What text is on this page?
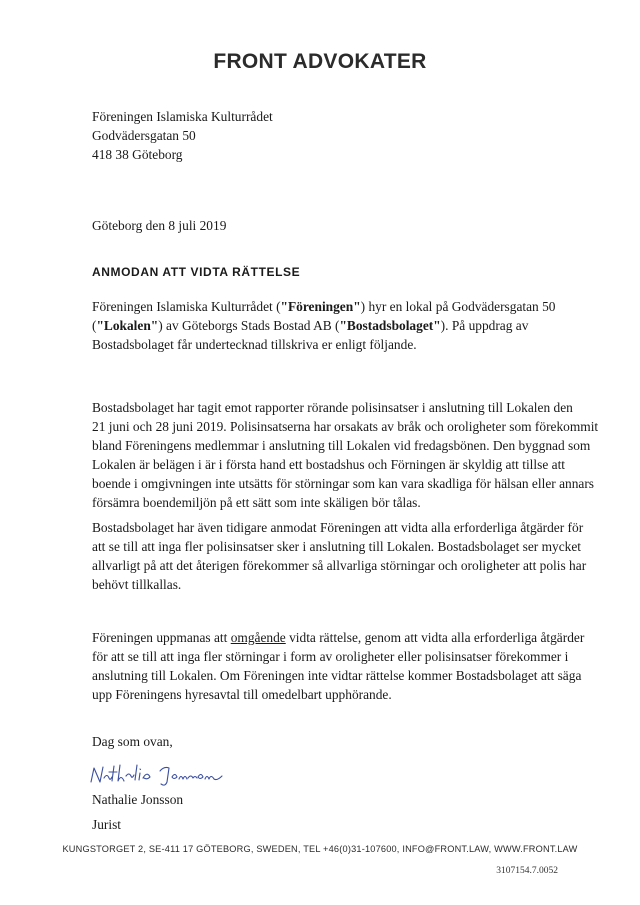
FRONT ADVOKATER
Föreningen Islamiska Kulturrådet
Godvädersgatan 50
418 38 Göteborg
Göteborg den 8 juli 2019
ANMODAN ATT VIDTA RÄTTELSE
Föreningen Islamiska Kulturrådet ("Föreningen") hyr en lokal på Godvädersgatan 50
("Lokalen") av Göteborgs Stads Bostad AB ("Bostadsbolaget"). På uppdrag av
Bostadsbolaget får undertecknad tillskriva er enligt följande.
Bostadsbolaget har tagit emot rapporter rörande polisinsatser i anslutning till Lokalen den
21 juni och 28 juni 2019. Polisinsatserna har orsakats av bråk och oroligheter som förekommit
bland Föreningens medlemmar i anslutning till Lokalen vid fredagsbönen. Den byggnad som
Lokalen är belägen i är i första hand ett bostadshus och Förningen är skyldig att tillse att
boende i omgivningen inte utsätts för störningar som kan vara skadliga för hälsan eller annars
försämra boendemiljön på ett sätt som inte skäligen bör tålas.
Bostadsbolaget har även tidigare anmodat Föreningen att vidta alla erforderliga åtgärder för
att se till att inga fler polisinsatser sker i anslutning till Lokalen. Bostadsbolaget ser mycket
allvarligt på att det återigen förekommer så allvarliga störningar och oroligheter att polis har
behövt tillkallas.
Föreningen uppmanas att omgående vidta rättelse, genom att vidta alla erforderliga åtgärder
för att se till att inga fler störningar i form av oroligheter eller polisinsatser förekommer i
anslutning till Lokalen. Om Föreningen inte vidtar rättelse kommer Bostadsbolaget att säga
upp Föreningens hyresavtal till omedelbart upphörande.
Dag som ovan,
Nathalie Jonsson
Jurist
KUNGSTORGET 2, SE-411 17 GÖTEBORG, SWEDEN, TEL +46(0)31-107600, INFO@FRONT.LAW, WWW.FRONT.LAW
3107154.7.0052
